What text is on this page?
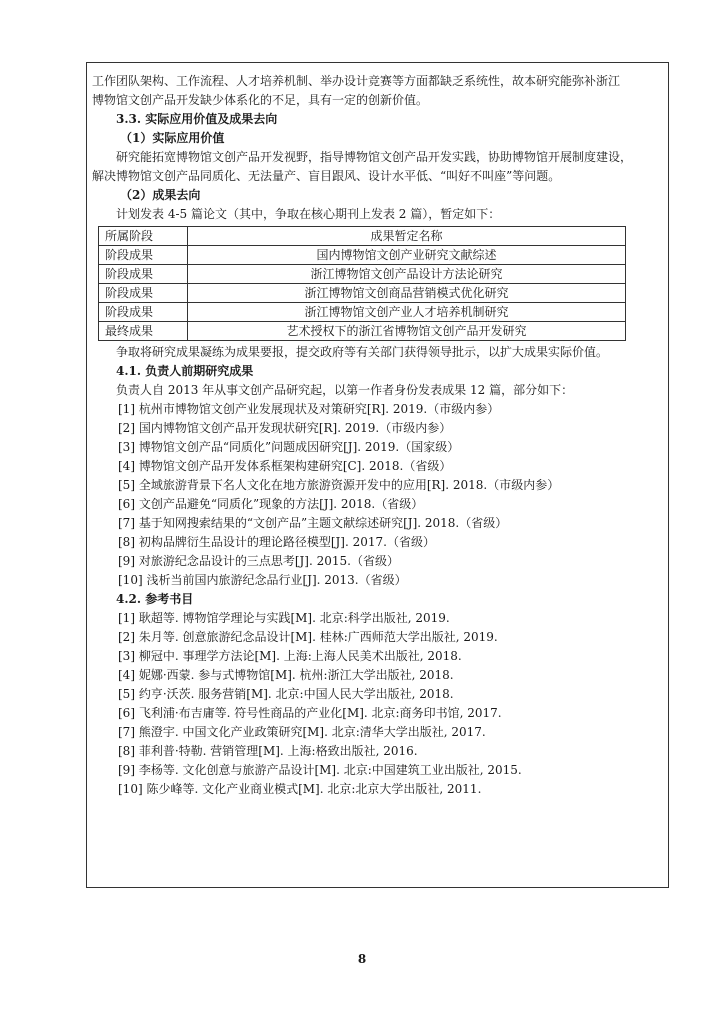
工作团队架构、工作流程、人才培养机制、举办设计竞赛等方面都缺乏系统性，故本研究能弥补浙江

博物馆文创产品开发缺少体系化的不足，具有一定的创新价值。

3.3. 实际应用价值及成果去向

（1）实际应用价值

研究能拓宽博物馆文创产品开发视野，指导博物馆文创产品开发实践，协助博物馆开展制度建设，

解决博物馆文创产品同质化、无法量产、盲目跟风、设计水平低、“叫好不叫座”等问题。

（2）成果去向

计划发表 4-5 篇论文（其中，争取在核心期刊上发表 2 篇），暂定如下：

所属阶段	成果暂定名称
阶段成果	国内博物馆文创产业研究文献综述
阶段成果	浙江博物馆文创产品设计方法论研究
阶段成果	浙江博物馆文创商品营销模式优化研究
阶段成果	浙江博物馆文创产业人才培养机制研究
最终成果	艺术授权下的浙江省博物馆文创产品开发研究

争取将研究成果凝练为成果要报，提交政府等有关部门获得领导批示，以扩大成果实际价值。

4.1. 负责人前期研究成果

负责人自 2013 年从事文创产品研究起，以第一作者身份发表成果 12 篇，部分如下：

[1] 杭州市博物馆文创产业发展现状及对策研究[R]. 2019.（市级内参）

[2] 国内博物馆文创产品开发现状研究[R]. 2019.（市级内参）

[3] 博物馆文创产品“同质化”问题成因研究[J]. 2019.（国家级）

[4] 博物馆文创产品开发体系框架构建研究[C]. 2018.（省级）

[5] 全域旅游背景下名人文化在地方旅游资源开发中的应用[R]. 2018.（市级内参）

[6] 文创产品避免“同质化”现象的方法[J]. 2018.（省级）

[7] 基于知网搜索结果的“文创产品”主题文献综述研究[J]. 2018.（省级）

[8] 初构品牌衍生品设计的理论路径模型[J]. 2017.（省级）

[9] 对旅游纪念品设计的三点思考[J]. 2015.（省级）

[10] 浅析当前国内旅游纪念品行业[J]. 2013.（省级）

4.2. 参考书目

[1] 耿超等. 博物馆学理论与实践[M]. 北京:科学出版社, 2019.

[2] 朱月等. 创意旅游纪念品设计[M]. 桂林:广西师范大学出版社, 2019.

[3] 柳冠中. 事理学方法论[M]. 上海:上海人民美术出版社, 2018.

[4] 妮娜·西蒙. 参与式博物馆[M]. 杭州:浙江大学出版社, 2018.

[5] 约亨·沃茨. 服务营销[M]. 北京:中国人民大学出版社, 2018.

[6] 飞利浦·布吉庸等. 符号性商品的产业化[M]. 北京:商务印书馆, 2017.

[7] 熊澄宇. 中国文化产业政策研究[M]. 北京:清华大学出版社, 2017.

[8] 菲利普·特勒. 营销管理[M]. 上海:格致出版社, 2016.

[9] 李杨等. 文化创意与旅游产品设计[M]. 北京:中国建筑工业出版社, 2015.

[10] 陈少峰等. 文化产业商业模式[M]. 北京:北京大学出版社, 2011.

8
